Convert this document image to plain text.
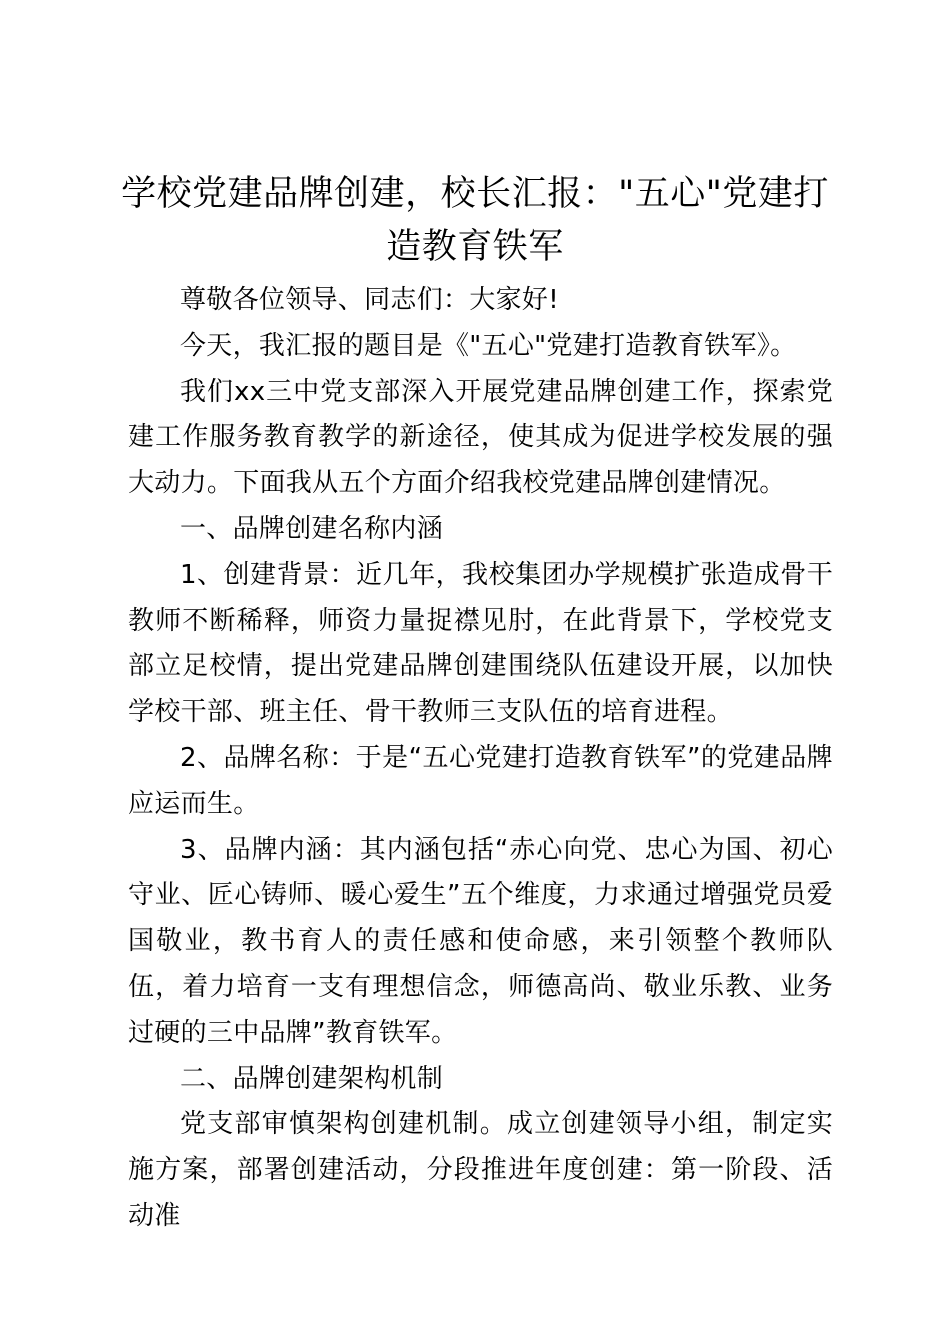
学校党建品牌创建，校长汇报："五心"党建打造教育铁军

尊敬各位领导、同志们：大家好!

今天，我汇报的题目是《"五心"党建打造教育铁军》。

我们xx三中党支部深入开展党建品牌创建工作，探索党建工作服务教育教学的新途径，使其成为促进学校发展的强大动力。下面我从五个方面介绍我校党建品牌创建情况。

一、品牌创建名称内涵

1、创建背景：近几年，我校集团办学规模扩张造成骨干教师不断稀释，师资力量捉襟见肘，在此背景下，学校党支部立足校情，提出党建品牌创建围绕队伍建设开展，以加快学校干部、班主任、骨干教师三支队伍的培育进程。

2、品牌名称：于是“五心党建打造教育铁军”的党建品牌应运而生。

3、品牌内涵：其内涵包括“赤心向党、忠心为国、初心守业、匠心铸师、暖心爱生”五个维度，力求通过增强党员爱国敬业，教书育人的责任感和使命感，来引领整个教师队伍，着力培育一支有理想信念，师德高尚、敬业乐教、业务过硬的三中品牌”教育铁军。

二、品牌创建架构机制

党支部审慎架构创建机制。成立创建领导小组，制定实施方案，部署创建活动，分段推进年度创建：第一阶段、活动准
